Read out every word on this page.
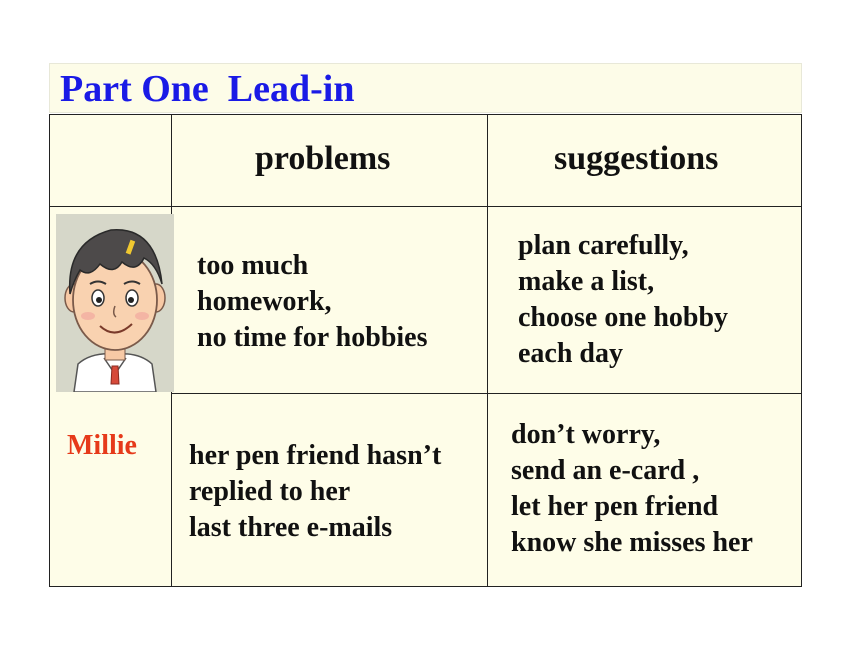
Part One  Lead-in
problems	suggestions
too much
homework,
no time for hobbies
plan carefully,
make a list,
choose one hobby
each day
her pen friend hasn’t
replied to her
last three e-mails
don’t worry,
send an e-card ,
let her pen friend
know she misses her
Millie
